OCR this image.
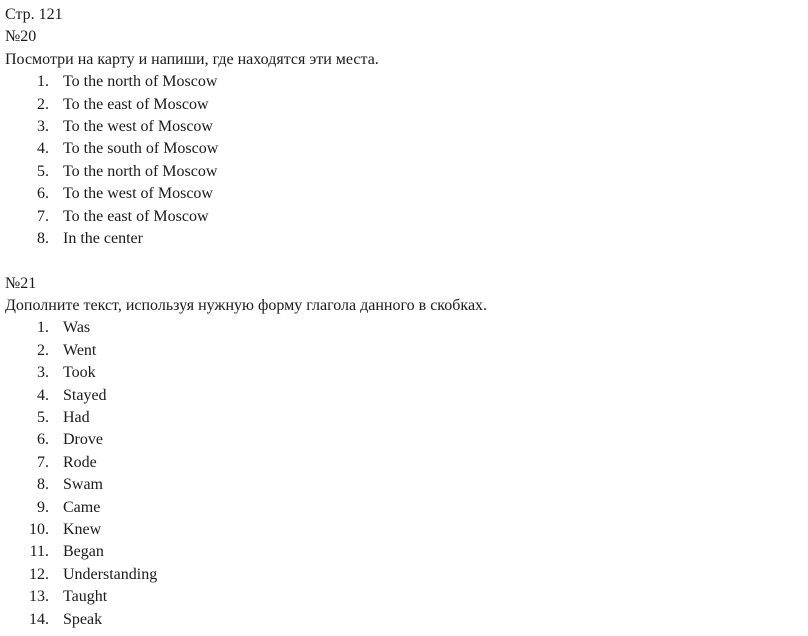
Стр. 121
№20
Посмотри на карту и напиши, где находятся эти места.
1. To the north of Moscow
2. To the east of Moscow
3. To the west of Moscow
4. To the south of Moscow
5. To the north of Moscow
6. To the west of Moscow
7. To the east of Moscow
8. In the center
№21
Дополните текст, используя нужную форму глагола данного в скобках.
1. Was
2. Went
3. Took
4. Stayed
5. Had
6. Drove
7. Rode
8. Swam
9. Came
10. Knew
11. Began
12. Understanding
13. Taught
14. Speak
